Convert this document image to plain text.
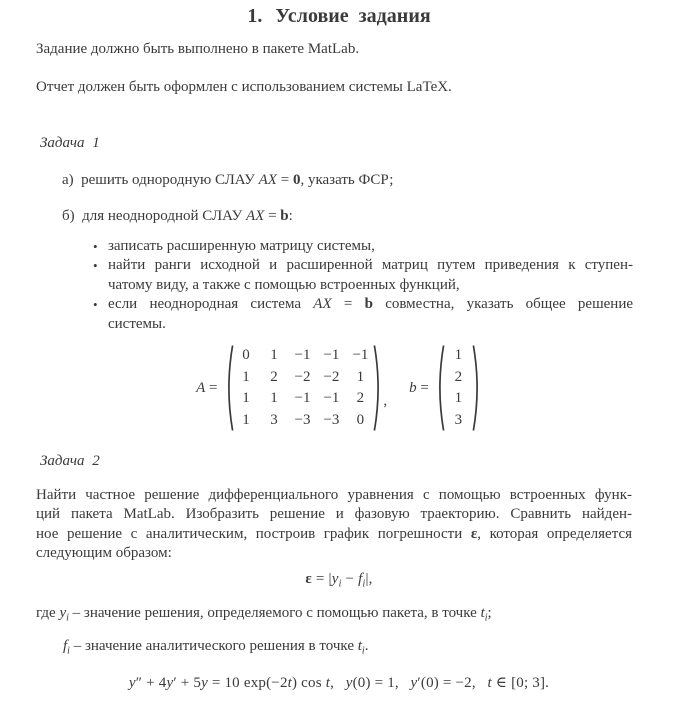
1. Условие задания
Задание должно быть выполнено в пакете MatLab.
Отчет должен быть оформлен с использованием системы LaTeX.
Задача 1
а) решить однородную СЛАУ AX = 0, указать ФСР;
б) для неоднородной СЛАУ AX = b:
• записать расширенную матрицу системы,
• найти ранги исходной и расширенной матриц путем приведения к ступен-
чатому виду, а также с помощью встроенных функций,
• если неоднородная система AX = b совместна, указать общее решение
системы.
A =
0 1 −1 −1 −1
1 2 −2 −2 1
1 1 −1 −1 2
1 3 −3 −3 0
,
b =
1
2
1
3
Задача 2
Найти частное решение дифференциального уравнения с помощью встроенных функ-
ций пакета MatLab. Изобразить решение и фазовую траекторию. Сравнить найден-
ное решение с аналитическим, построив график погрешности ε, которая определяется
следующим образом:
$\varepsilon = |y_i - f_i|$,
где $y_i$ – значение решения, определяемого с помощью пакета, в точке $t_i$;
$f_i$ – значение аналитического решения в точке $t_i$.
y″ + 4y′ + 5y = 10 exp(−2t) cos t,  y(0) = 1,  y′(0) = −2,  t ∈ [0; 3].
